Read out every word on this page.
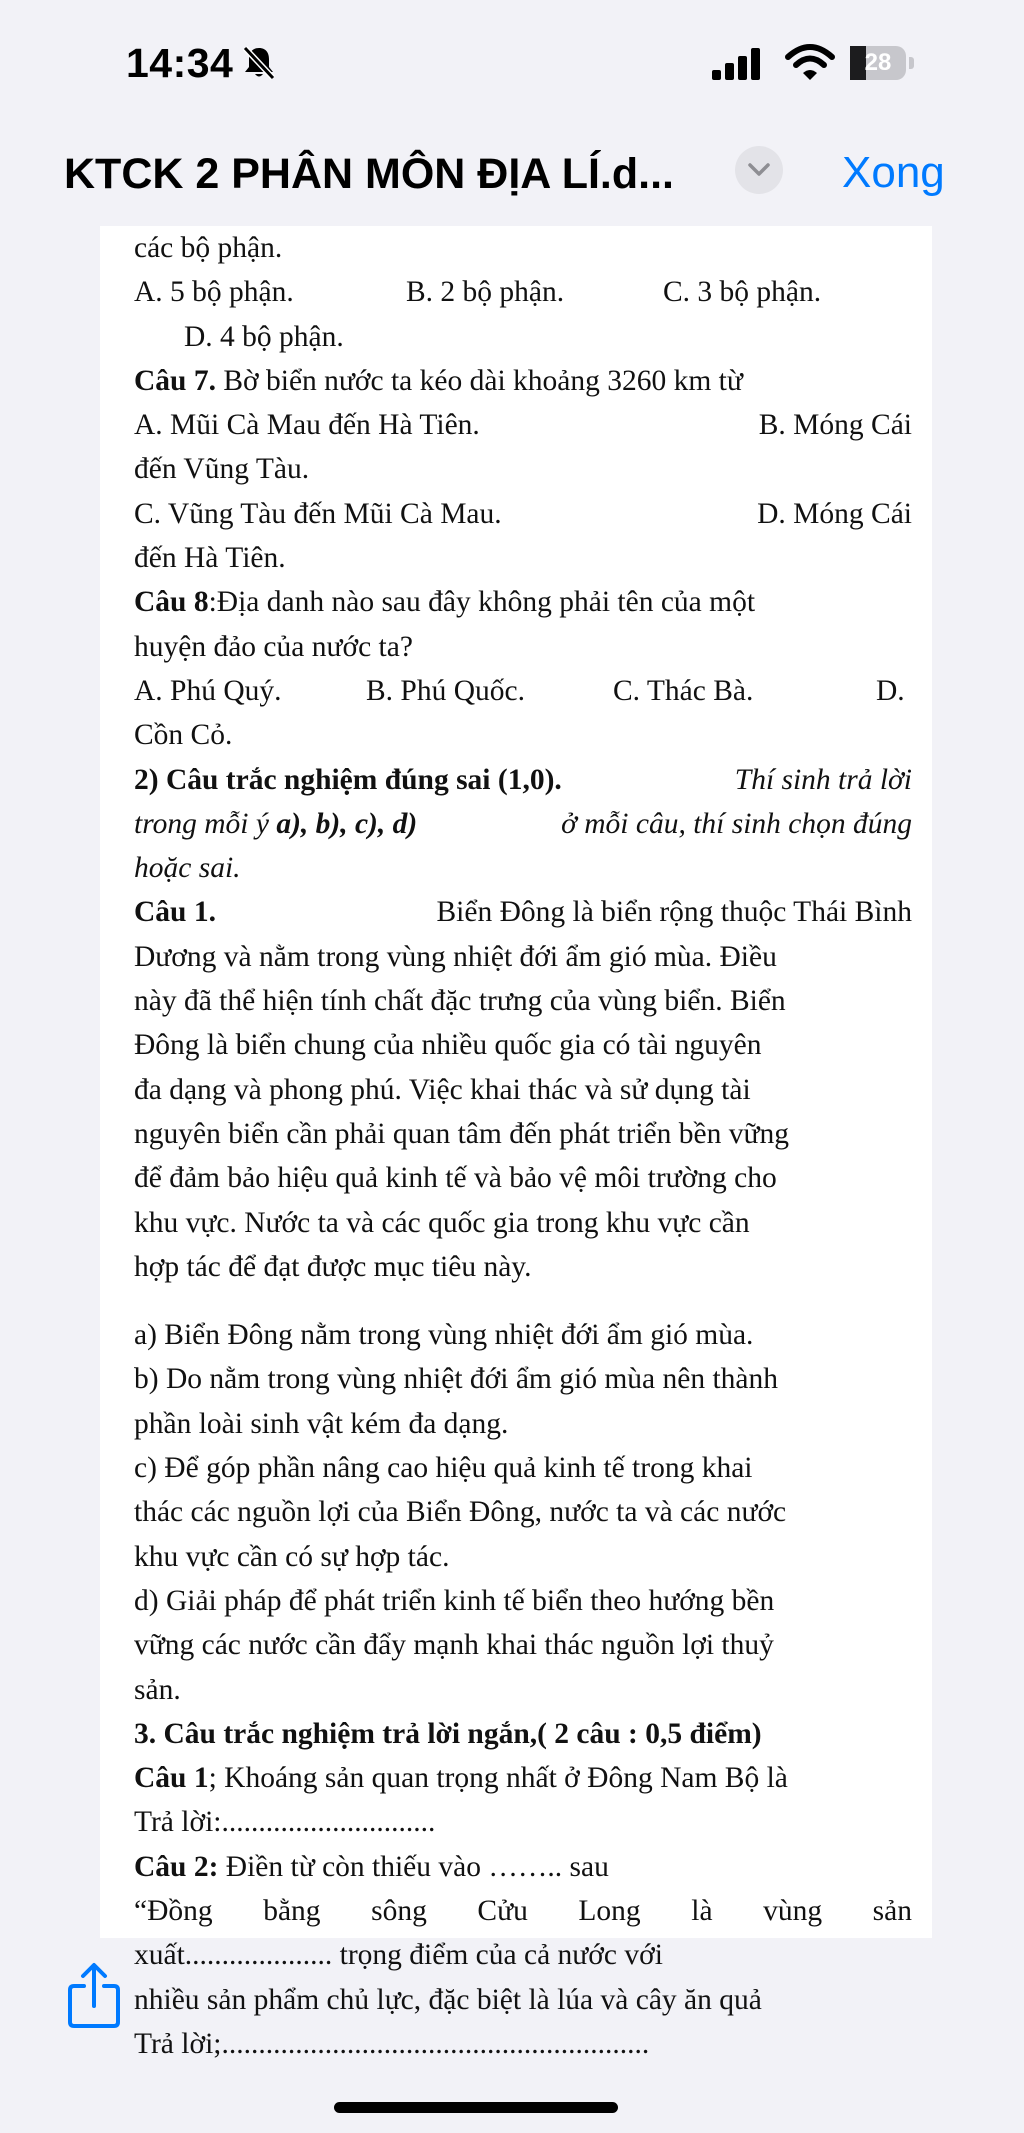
14:34	28
KTCK 2 PHÂN MÔN ĐỊA LÍ.d...	Xong

các bộ phận.

A. 5 bộ phận.	B. 2 bộ phận.	C. 3 bộ phận.

D. 4 bộ phận.

Câu 7. Bờ biển nước ta kéo dài khoảng 3260 km từ

A. Mũi Cà Mau đến Hà Tiên.	B. Móng Cái

đến Vũng Tàu.

C. Vũng Tàu đến Mũi Cà Mau.	D. Móng Cái

đến Hà Tiên.

Câu 8:Địa danh nào sau đây không phải tên của một

huyện đảo của nước ta?

A. Phú Quý.	B. Phú Quốc.	C. Thác Bà.	D.

Cồn Cỏ.

2) Câu trắc nghiệm đúng sai (1,0).	Thí sinh trả lời
trong mỗi ý a), b), c), d)	ở mỗi câu, thí sinh chọn đúng

hoặc sai.

Câu 1.	Biển Đông là biển rộng thuộc Thái Bình
Dương và nằm trong vùng nhiệt đới ẩm gió mùa. Điều
này đã thể hiện tính chất đặc trưng của vùng biển. Biển
Đông là biển chung của nhiều quốc gia có tài nguyên
đa dạng và phong phú. Việc khai thác và sử dụng tài
nguyên biển cần phải quan tâm đến phát triển bền vững
để đảm bảo hiệu quả kinh tế và bảo vệ môi trường cho
khu vực. Nước ta và các quốc gia trong khu vực cần

hợp tác để đạt được mục tiêu này.

a) Biển Đông nằm trong vùng nhiệt đới ẩm gió mùa.

b) Do nằm trong vùng nhiệt đới ẩm gió mùa nên thành

phần loài sinh vật kém đa dạng.

c) Để góp phần nâng cao hiệu quả kinh tế trong khai

thác các nguồn lợi của Biển Đông, nước ta và các nước

khu vực cần có sự hợp tác.

d) Giải pháp để phát triển kinh tế biển theo hướng bền

vững các nước cần đẩy mạnh khai thác nguồn lợi thuỷ

sản.

3. Câu trắc nghiệm trả lời ngắn,( 2 câu : 0,5 điểm)

Câu 1; Khoáng sản quan trọng nhất ở Đông Nam Bộ là

Trả lời:.............................

Câu 2: Điền từ còn thiếu vào …….. sau

“Đồng bằng sông Cửu Long là vùng sản

xuất.................... trọng điểm của cả nước với

nhiều sản phẩm chủ lực, đặc biệt là lúa và cây ăn quả

Trả lời;..........................................................
